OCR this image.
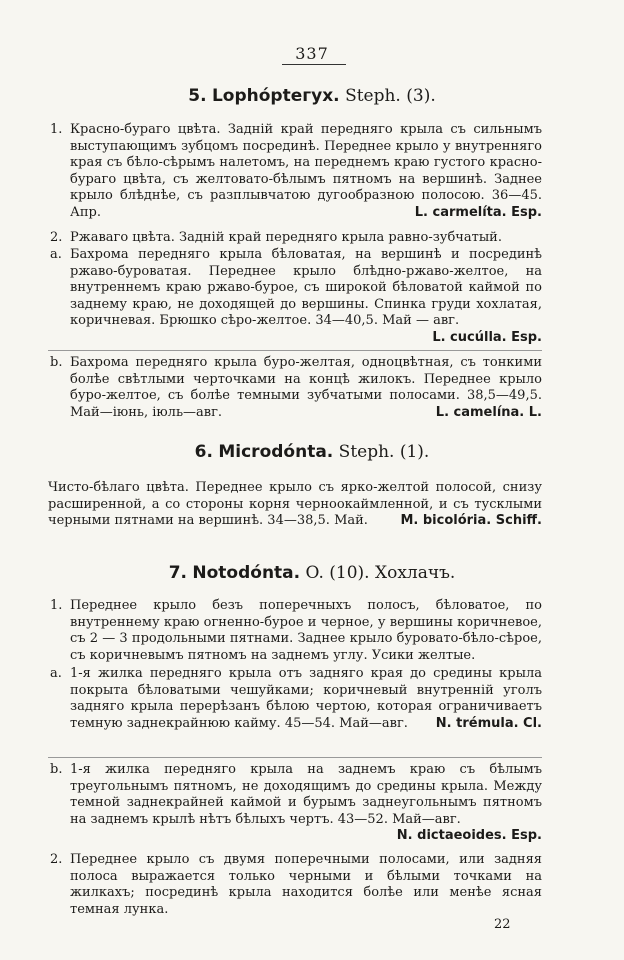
337
5. Lophóptегух. Steph. (3).
1. Красно-бураго цвѣта. Заднiй край передняго крыла съ сильнымъ выступающимъ зубцомъ посрединѣ. Переднее крыло у внутренняго края съ бѣло-сѣрымъ налетомъ, на переднемъ краю густого красно-бураго цвѣта, съ желтовато-бѣлымъ пятномъ на вершинѣ. Заднее крыло блѣднѣе, съ разплывчатою дугообразною полосою. 36—45. Апр.	L. carmelíta. Esp.
2. Ржаваго цвѣта. Заднiй край передняго крыла равно-зубчатый.
a. Бахрома передняго крыла бѣловатая, на вершинѣ и посрединѣ ржаво-буроватая. Переднее крыло блѣдно-ржаво-желтое, на внутреннемъ краю ржаво-бурое, съ широкой бѣловатой каймой по заднему краю, не доходящей до вершины. Спинка груди хохлатая, коричневая. Брюшко сѣро-желтое. 34—40,5. Май — авг.
L. cucúlla. Esp.
b. Бахрома передняго крыла буро-желтая, одноцвѣтная, съ тонкими болѣе свѣтлыми черточками на концѣ жилокъ. Переднее крыло буро-желтое, съ болѣе темными зубчатыми полосами. 38,5—49,5. Май—iюнь, iюль—авг.	L. camelína. L.
6. Microdónta. Steph. (1).
Чисто-бѣлаго цвѣта. Переднее крыло съ ярко-желтой полосой, снизу расширенной, а со стороны корня черноокаймленной, и съ тусклыми черными пятнами на вершинѣ. 34—38,5. Май.	M. bicolória. Schiff.
7. Notodónta. O. (10). Хохлачъ.
1. Переднее крыло безъ поперечныхъ полосъ, бѣловатое, по внутреннему краю огненно-бурое и черное, у вершины коричневое, съ 2 — 3 продольными пятнами. Заднее крыло буровато-бѣло-сѣрое, съ коричневымъ пятномъ на заднемъ углу. Усики желтые.
a. 1-я жилка передняго крыла отъ задняго края до средины крыла покрыта бѣловатыми чешуйками; коричневый внутреннiй уголъ задняго крыла перерѣзанъ бѣлою чертою, которая ограничиваетъ темную заднекрайнюю кайму. 45—54. Май—авг. N. trémula. Cl.
b. 1-я жилка передняго крыла на заднемъ краю съ бѣлымъ треугольнымъ пятномъ, не доходящимъ до средины крыла. Между темной заднекрайней каймой и бурымъ заднеугольнымъ пятномъ на заднемъ крылѣ нѣтъ бѣлыхъ чертъ. 43—52. Май—авг.
N. dictaeoides. Esp.
2. Переднее крыло съ двумя поперечными полосами, или задняя полоса выражается только черными и бѣлыми точками на жилкахъ; посрединѣ крыла находится болѣе или менѣе ясная темная лунка.
22
